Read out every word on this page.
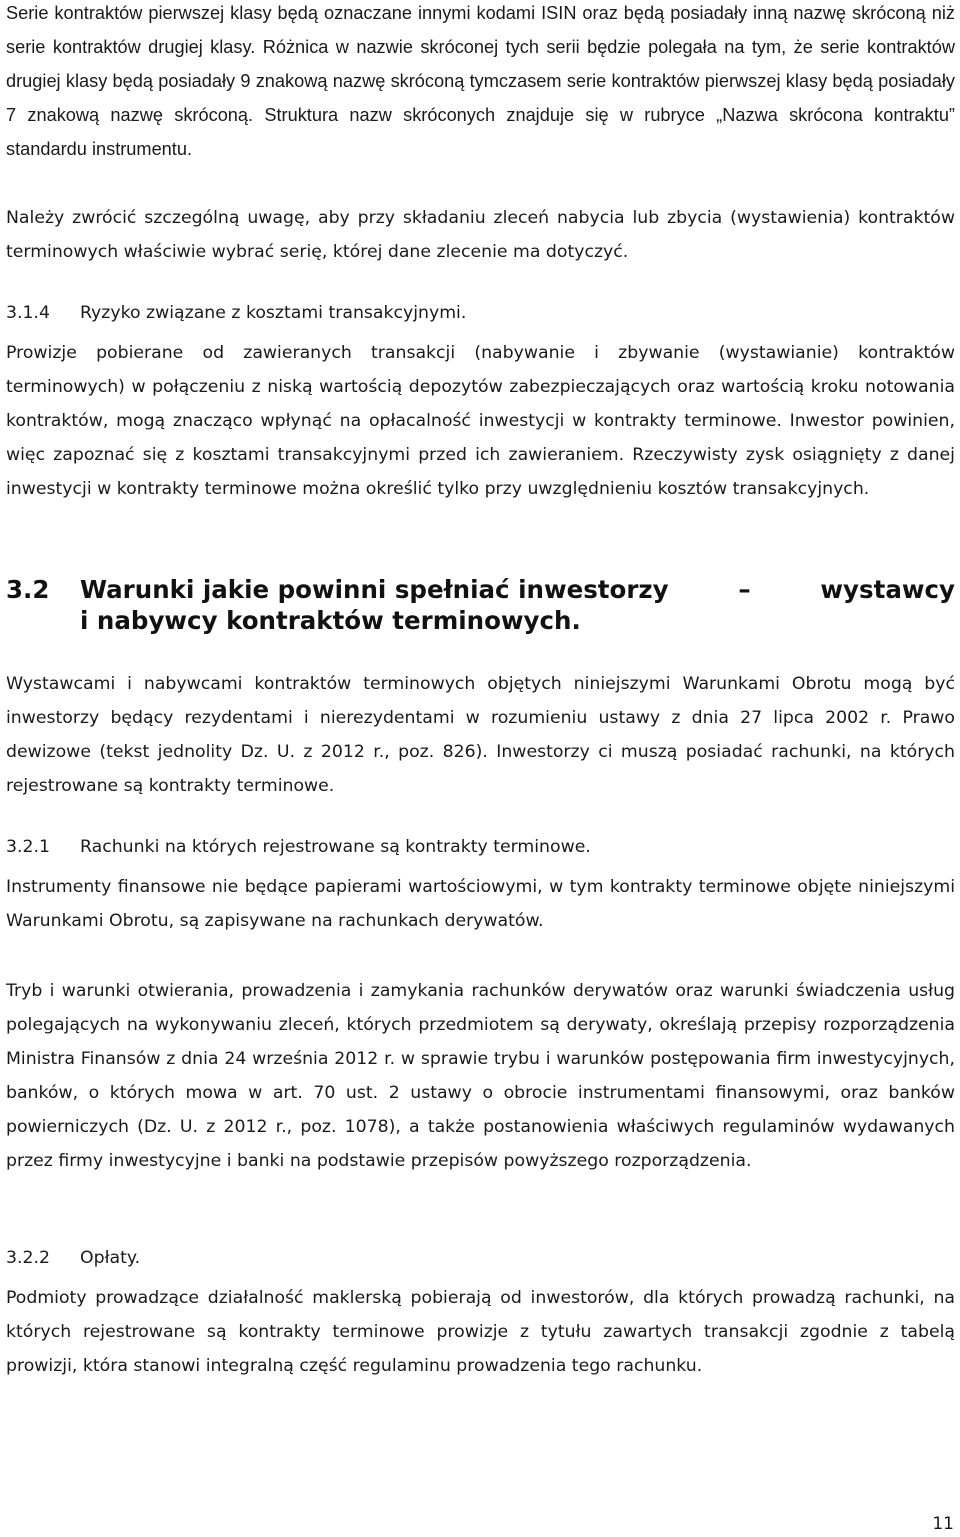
Serie kontraktów pierwszej klasy będą oznaczane innymi kodami ISIN oraz będą posiadały inną nazwę skróconą niż serie kontraktów drugiej klasy. Różnica w nazwie skróconej tych serii będzie polegała na tym, że serie kontraktów drugiej klasy będą posiadały 9 znakową nazwę skróconą tymczasem serie kontraktów pierwszej klasy będą posiadały 7 znakową nazwę skróconą. Struktura nazw skróconych znajduje się w rubryce „Nazwa skrócona kontraktu” standardu instrumentu.

Należy zwrócić szczególną uwagę, aby przy składaniu zleceń nabycia lub zbycia (wystawienia) kontraktów terminowych właściwie wybrać serię, której dane zlecenie ma dotyczyć.

3.1.4 Ryzyko związane z kosztami transakcyjnymi.

Prowizje pobierane od zawieranych transakcji (nabywanie i zbywanie (wystawianie) kontraktów terminowych) w połączeniu z niską wartością depozytów zabezpieczających oraz wartością kroku notowania kontraktów, mogą znacząco wpłynąć na opłacalność inwestycji w kontrakty terminowe. Inwestor powinien, więc zapoznać się z kosztami transakcyjnymi przed ich zawieraniem. Rzeczywisty zysk osiągnięty z danej inwestycji w kontrakty terminowe można określić tylko przy uwzględnieniu kosztów transakcyjnych.

3.2 Warunki jakie powinni spełniać inwestorzy	–	wystawcy
i nabywcy kontraktów terminowych.

Wystawcami i nabywcami kontraktów terminowych objętych niniejszymi Warunkami Obrotu mogą być inwestorzy będący rezydentami i nierezydentami w rozumieniu ustawy z dnia 27 lipca 2002 r. Prawo dewizowe (tekst jednolity Dz. U. z 2012 r., poz. 826). Inwestorzy ci muszą posiadać rachunki, na których rejestrowane są kontrakty terminowe.

3.2.1 Rachunki na których rejestrowane są kontrakty terminowe.

Instrumenty finansowe nie będące papierami wartościowymi, w tym kontrakty terminowe objęte niniejszymi Warunkami Obrotu, są zapisywane na rachunkach derywatów.

Tryb i warunki otwierania, prowadzenia i zamykania rachunków derywatów oraz warunki świadczenia usług polegających na wykonywaniu zleceń, których przedmiotem są derywaty, określają przepisy rozporządzenia Ministra Finansów z dnia 24 września 2012 r. w sprawie trybu i warunków postępowania firm inwestycyjnych, banków, o których mowa w art. 70 ust. 2 ustawy o obrocie instrumentami finansowymi, oraz banków powierniczych (Dz. U. z 2012 r., poz. 1078), a także postanowienia właściwych regulaminów wydawanych przez firmy inwestycyjne i banki na podstawie przepisów powyższego rozporządzenia.

3.2.2 Opłaty.

Podmioty prowadzące działalność maklerską pobierają od inwestorów, dla których prowadzą rachunki, na których rejestrowane są kontrakty terminowe prowizje z tytułu zawartych transakcji zgodnie z tabelą prowizji, która stanowi integralną część regulaminu prowadzenia tego rachunku.

11
